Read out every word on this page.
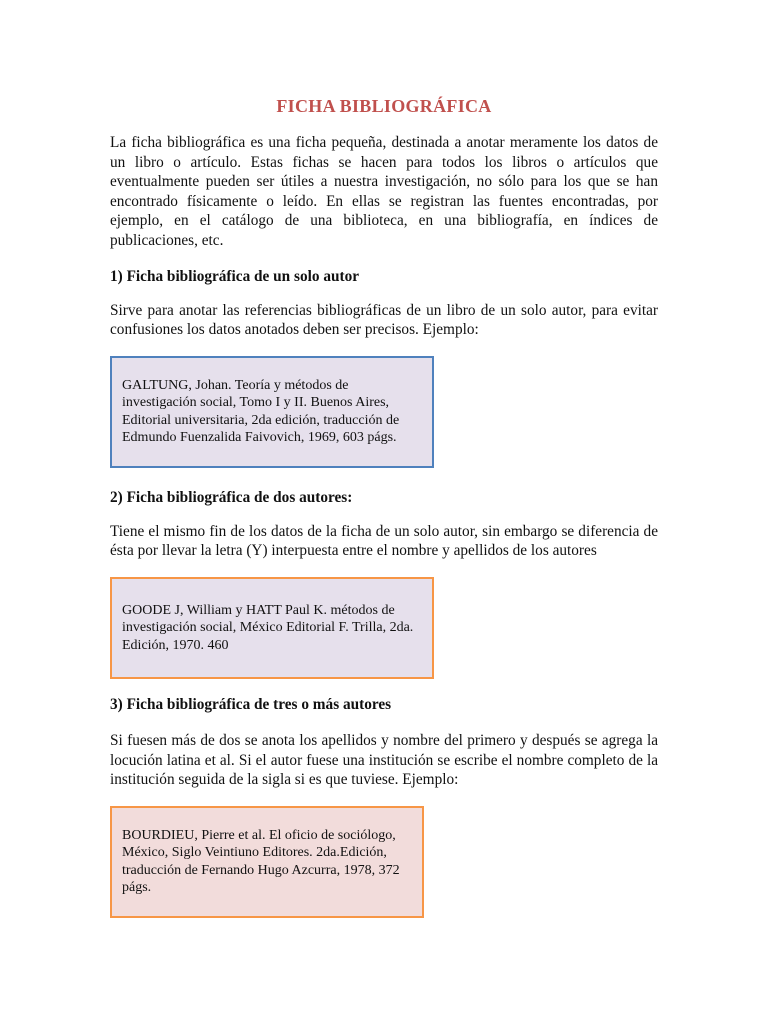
FICHA BIBLIOGRÁFICA

La ficha bibliográfica es una ficha pequeña, destinada a anotar meramente los datos de un libro o artículo. Estas fichas se hacen para todos los libros o artículos que eventualmente pueden ser útiles a nuestra investigación, no sólo para los que se han encontrado físicamente o leído. En ellas se registran las fuentes encontradas, por ejemplo, en el catálogo de una biblioteca, en una bibliografía, en índices de publicaciones, etc.

1) Ficha bibliográfica de un solo autor

Sirve para anotar las referencias bibliográficas de un libro de un solo autor, para evitar confusiones los datos anotados deben ser precisos. Ejemplo:

GALTUNG, Johan. Teoría y métodos de investigación social, Tomo I y II. Buenos Aires, Editorial universitaria, 2da edición, traducción de Edmundo Fuenzalida Faivovich, 1969, 603 págs.

2) Ficha bibliográfica de dos autores:

Tiene el mismo fin de los datos de la ficha de un solo autor, sin embargo se diferencia de ésta por llevar la letra (Y) interpuesta entre el nombre y apellidos de los autores

GOODE J, William y HATT Paul K. métodos de investigación social, México Editorial F. Trilla, 2da. Edición, 1970. 460

3) Ficha bibliográfica de tres o más autores

Si fuesen más de dos se anota los apellidos y nombre del primero y después se agrega la locución latina et al. Si el autor fuese una institución se escribe el nombre completo de la institución seguida de la sigla si es que tuviese. Ejemplo:

BOURDIEU, Pierre et al. El oficio de sociólogo, México, Siglo Veintiuno Editores. 2da.Edición, traducción de Fernando Hugo Azcurra, 1978, 372 págs.
